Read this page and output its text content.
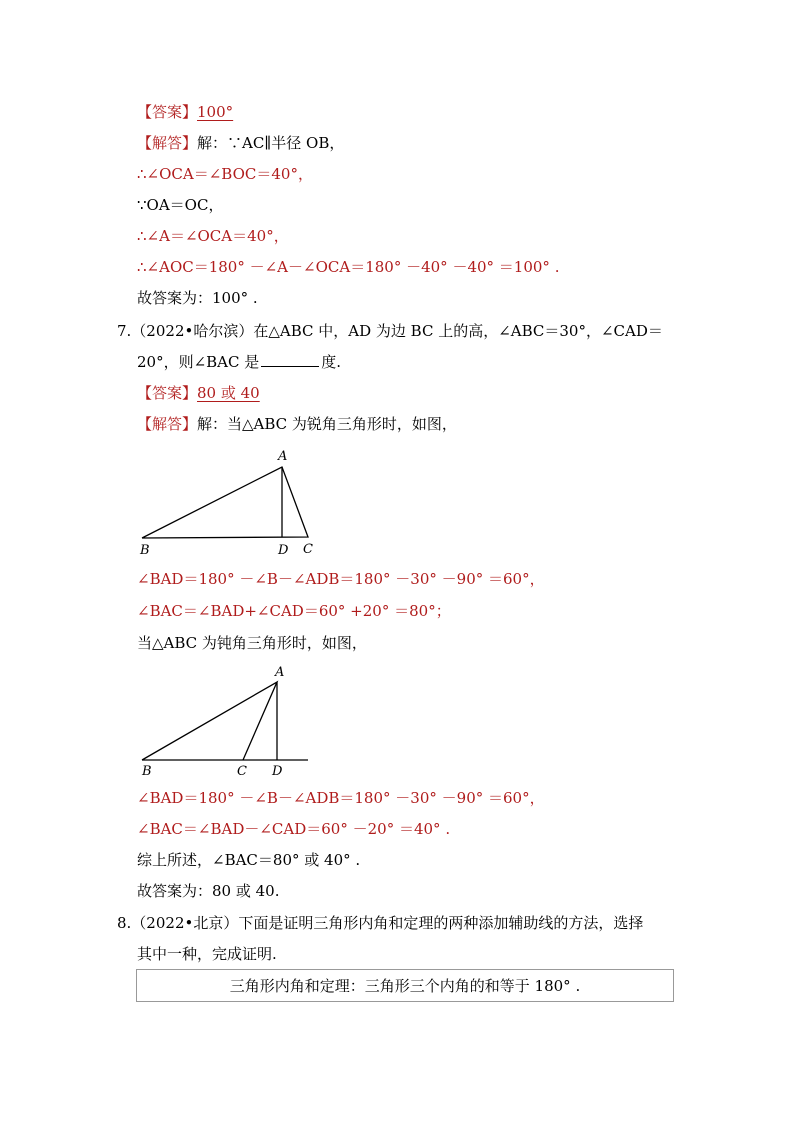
【答案】100°
【解答】解：∵AC∥半径 OB，
∴∠OCA＝∠BOC＝40°，
∵OA＝OC，
∴∠A＝∠OCA＝40°，
∴∠AOC＝180° －∠A－∠OCA＝180° －40° －40° ＝100° .
故答案为：100° .
7.（2022•哈尔滨）在△ABC 中，AD 为边 BC 上的高，∠ABC＝30°，∠CAD＝
20°，则∠BAC 是	度.
【答案】80 或 40
【解答】解：当△ABC 为锐角三角形时，如图，
A
B	D C
∠BAD＝180° －∠B－∠ADB＝180° －30° －90° ＝60°，
∠BAC＝∠BAD+∠CAD＝60° +20° ＝80°；
当△ABC 为钝角三角形时，如图，
A
B	C D
∠BAD＝180° －∠B－∠ADB＝180° －30° －90° ＝60°，
∠BAC＝∠BAD－∠CAD＝60° －20° ＝40° .
综上所述，∠BAC＝80° 或 40° .
故答案为：80 或 40.
8.（2022•北京）下面是证明三角形内角和定理的两种添加辅助线的方法，选择
其中一种，完成证明.
三角形内角和定理：三角形三个内角的和等于 180° .
